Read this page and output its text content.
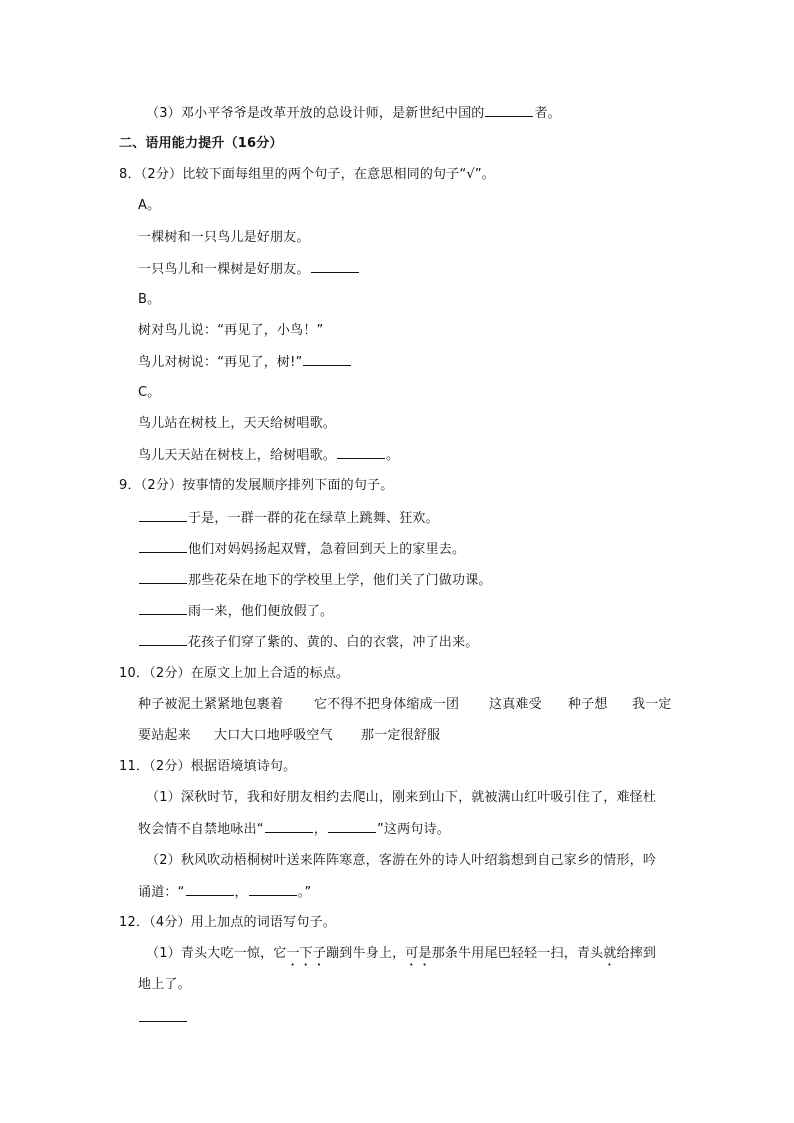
（3）邓小平爷爷是改革开放的总设计师，是新世纪中国的	者。
二、语用能力提升（16分）
8．（2分）比较下面每组里的两个句子，在意思相同的句子“√”。
A。
一棵树和一只鸟儿是好朋友。
一只鸟儿和一棵树是好朋友。
B。
树对鸟儿说：“再见了，小鸟！”
鸟儿对树说：“再见了，树!”
C。
鸟儿站在树枝上，天天给树唱歌。
鸟儿天天站在树枝上，给树唱歌。	。
9．（2分）按事情的发展顺序排列下面的句子。
于是，一群一群的花在绿草上跳舞、狂欢。
他们对妈妈扬起双臂，急着回到天上的家里去。
那些花朵在地下的学校里上学，他们关了门做功课。
雨一来，他们便放假了。
花孩子们穿了紫的、黄的、白的衣裳，冲了出来。
10．（2分）在原文上加上合适的标点。
种子被泥土紧紧地包裹着 它不得不把身体缩成一团 这真难受 种子想 我一定
要站起来 大口大口地呼吸空气 那一定很舒服
11．（2分）根据语境填诗句。
（1）深秋时节，我和好朋友相约去爬山，刚来到山下，就被满山红叶吸引住了，难怪杜
牧会情不自禁地咏出“	，	”这两句诗。
（2）秋风吹动梧桐树叶送来阵阵寒意，客游在外的诗人叶绍翁想到自己家乡的情形，吟
诵道：“	，	。”
12．（4分）用上加点的词语写句子。
（1）青头大吃一惊，它一下子蹦到牛身上，可是那条牛用尾巴轻轻一扫，青头就给摔到
地上了。
